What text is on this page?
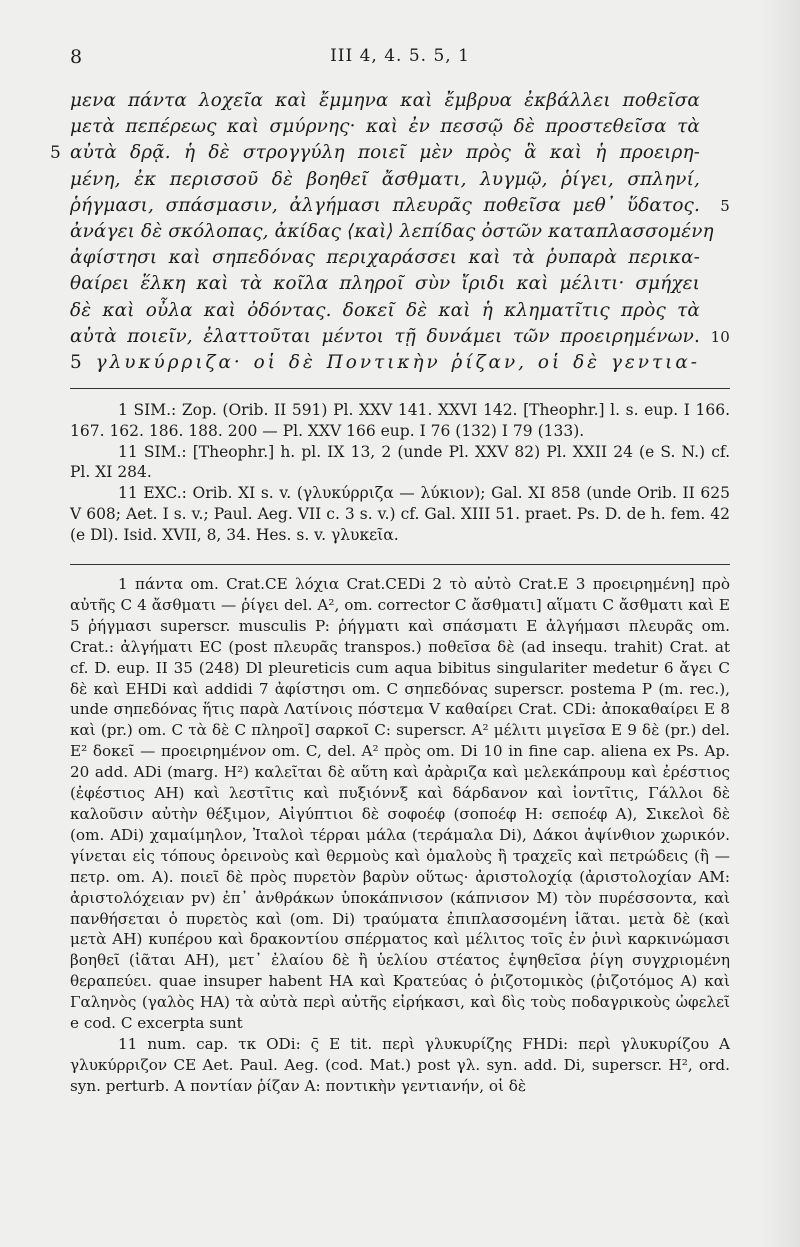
8	III 4, 4. 5. 5, 1
μενα πάντα λοχεῖα καὶ ἔμμηνα καὶ ἔμβρυα ἐκβάλλει ποθεῖσα
μετὰ πεπέρεως καὶ σμύρνης· καὶ ἐν πεσσῷ δὲ προστεθεῖσα τὰ
5 αὐτὰ δρᾷ. ἡ δὲ στρογγύλη ποιεῖ μὲν πρὸς ἃ καὶ ἡ προειρη-
μένη, ἐκ περισσοῦ δὲ βοηθεῖ ἄσθματι, λυγμῷ, ῥίγει, σπληνί,
ῥήγμασι, σπάσμασιν, ἀλγήμασι πλευρᾶς ποθεῖσα μεθ᾽ ὕδατος. 5
ἀνάγει δὲ σκόλοπας, ἀκίδας ⟨καὶ⟩ λεπίδας ὀστῶν καταπλασσομένη
ἀφίστησι καὶ σηπεδόνας περιχαράσσει καὶ τὰ ῥυπαρὰ περικα-
θαίρει ἕλκη καὶ τὰ κοῖλα πληροῖ σὺν ἴριδι καὶ μέλιτι· σμήχει
δὲ καὶ οὖλα καὶ ὀδόντας. δοκεῖ δὲ καὶ ἡ κληματῖτις πρὸς τὰ
αὐτὰ ποιεῖν, ἐλαττοῦται μέντοι τῇ δυνάμει τῶν προειρημένων. 10
5 γλυκύρριζα· οἱ δὲ Ποντικὴν ῥίζαν, οἱ δὲ γεντια-

1 SIM.: Zop. (Orib. II 591) Pl. XXV 141. XXVI 142. [Theophr.] l. s. eup. I 166. 167. 162. 186. 188. 200 — Pl. XXV 166 eup. I 76 (132) I 79 (133).

11 SIM.: [Theophr.] h. pl. IX 13, 2 (unde Pl. XXV 82) Pl. XXII 24 (e S. N.) cf. Pl. XI 284.

11 EXC.: Orib. XI s. v. (γλυκύρριζα — λύκιον); Gal. XI 858 (unde Orib. II 625 V 608; Aet. I s. v.; Paul. Aeg. VII c. 3 s. v.) cf. Gal. XIII 51. praet. Ps. D. de h. fem. 42 (e Dl). Isid. XVII, 8, 34. Hes. s. v. γλυκεῖα.

1 πάντα om. Crat.CE λόχια Crat.CEDi 2 τὸ αὐτὸ Crat.E 3 προειρημένη] πρὸ αὐτῆς C 4 ἄσθματι — ῥίγει del. A², om. corrector C ἄσθματι] αἵματι C ἄσθματι καὶ E 5 ῥήγμασι superscr. musculis P: ῥήγματι καὶ σπάσματι E ἀλγήμασι πλευρᾶς om. Crat.: ἀλγήματι EC (post πλευρᾶς transpos.) ποθεῖσα δὲ (ad insequ. trahit) Crat. at cf. D. eup. II 35 (248) Dl pleureticis cum aqua bibitus singulariter medetur 6 ἄγει C δὲ καὶ EHDi καὶ addidi 7 ἀφίστησι om. C σηπεδόνας superscr. postema P (m. rec.), unde σηπεδόνας ἥτις παρὰ Λατίνοις πόστεμα V καθαίρει Crat. CDi: ἀποκαθαίρει E 8 καὶ (pr.) om. C τὰ δὲ C πληροῖ] σαρκοῖ C: superscr. A² μέλιτι μιγεῖσα E 9 δὲ (pr.) del. E² δοκεῖ — προειρημένον om. C, del. A² πρὸς om. Di 10 in fine cap. aliena ex Ps. Ap. 20 add. ADi (marg. H²) καλεῖται δὲ αὕτη καὶ ἀρὰριζα καὶ μελεκάπρουμ καὶ ἐρέστιος (ἐφέστιος AH) καὶ λεστῖτις καὶ πυξιόννξ καὶ δάρδανον καὶ ἰοντῖτις, Γάλλοι δὲ καλοῦσιν αὐτὴν θέξιμον, Αἰγύπτιοι δὲ σοφοέφ (σοποέφ H: σεποέφ A), Σικελοὶ δὲ (om. ADi) χαμαίμηλον, Ἰταλοὶ τέρραι μάλα (τεράμαλα Di), Δάκοι ἀψίνθιον χωρικόν. γίνεται εἰς τόπους ὀρεινοὺς καὶ θερμοὺς καὶ ὁμαλοὺς ἢ τραχεῖς καὶ πετρώδεις (ἢ — πετρ. om. A). ποιεῖ δὲ πρὸς πυρετὸν βαρὺν οὕτως· ἀριστολοχίᾳ (ἀριστολοχίαν AM: ἀριστολόχειαν pv) ἐπ᾽ ἀνθράκων ὑποκάπνισον (κάπνισον M) τὸν πυρέσσοντα, καὶ πανθήσεται ὁ πυρετὸς καὶ (om. Di) τραύματα ἐπιπλασσομένη ἰᾶται. μετὰ δὲ (καὶ μετὰ AH) κυπέρου καὶ δρακοντίου σπέρματος καὶ μέλιτος τοῖς ἐν ῥινὶ καρκινώμασι βοηθεῖ (ἰᾶται AH), μετ᾽ ἐλαίου δὲ ἢ ὑελίου στέατος ἑψηθεῖσα ῥίγη συγχριομένη θεραπεύει. quae insuper habent HA καὶ Κρατεύας ὁ ῥιζοτομικὸς (ῥιζοτόμος A) καὶ Γαληνὸς (γαλὸς HA) τὰ αὐτὰ περὶ αὐτῆς εἰρήκασι, καὶ δὶς τοὺς ποδαγρικοὺς ὠφελεῖ e cod. C excerpta sunt

11 num. cap. τκ ODi: ς̄ E tit. περὶ γλυκυρίζης FHDi: περὶ γλυκυρίζου A γλυκύρριζον CE Aet. Paul. Aeg. (cod. Mat.) post γλ. syn. add. Di, superscr. H², ord. syn. perturb. A ποντίαν ῥίζαν A: ποντικὴν γεντιανήν, οἱ δὲ
